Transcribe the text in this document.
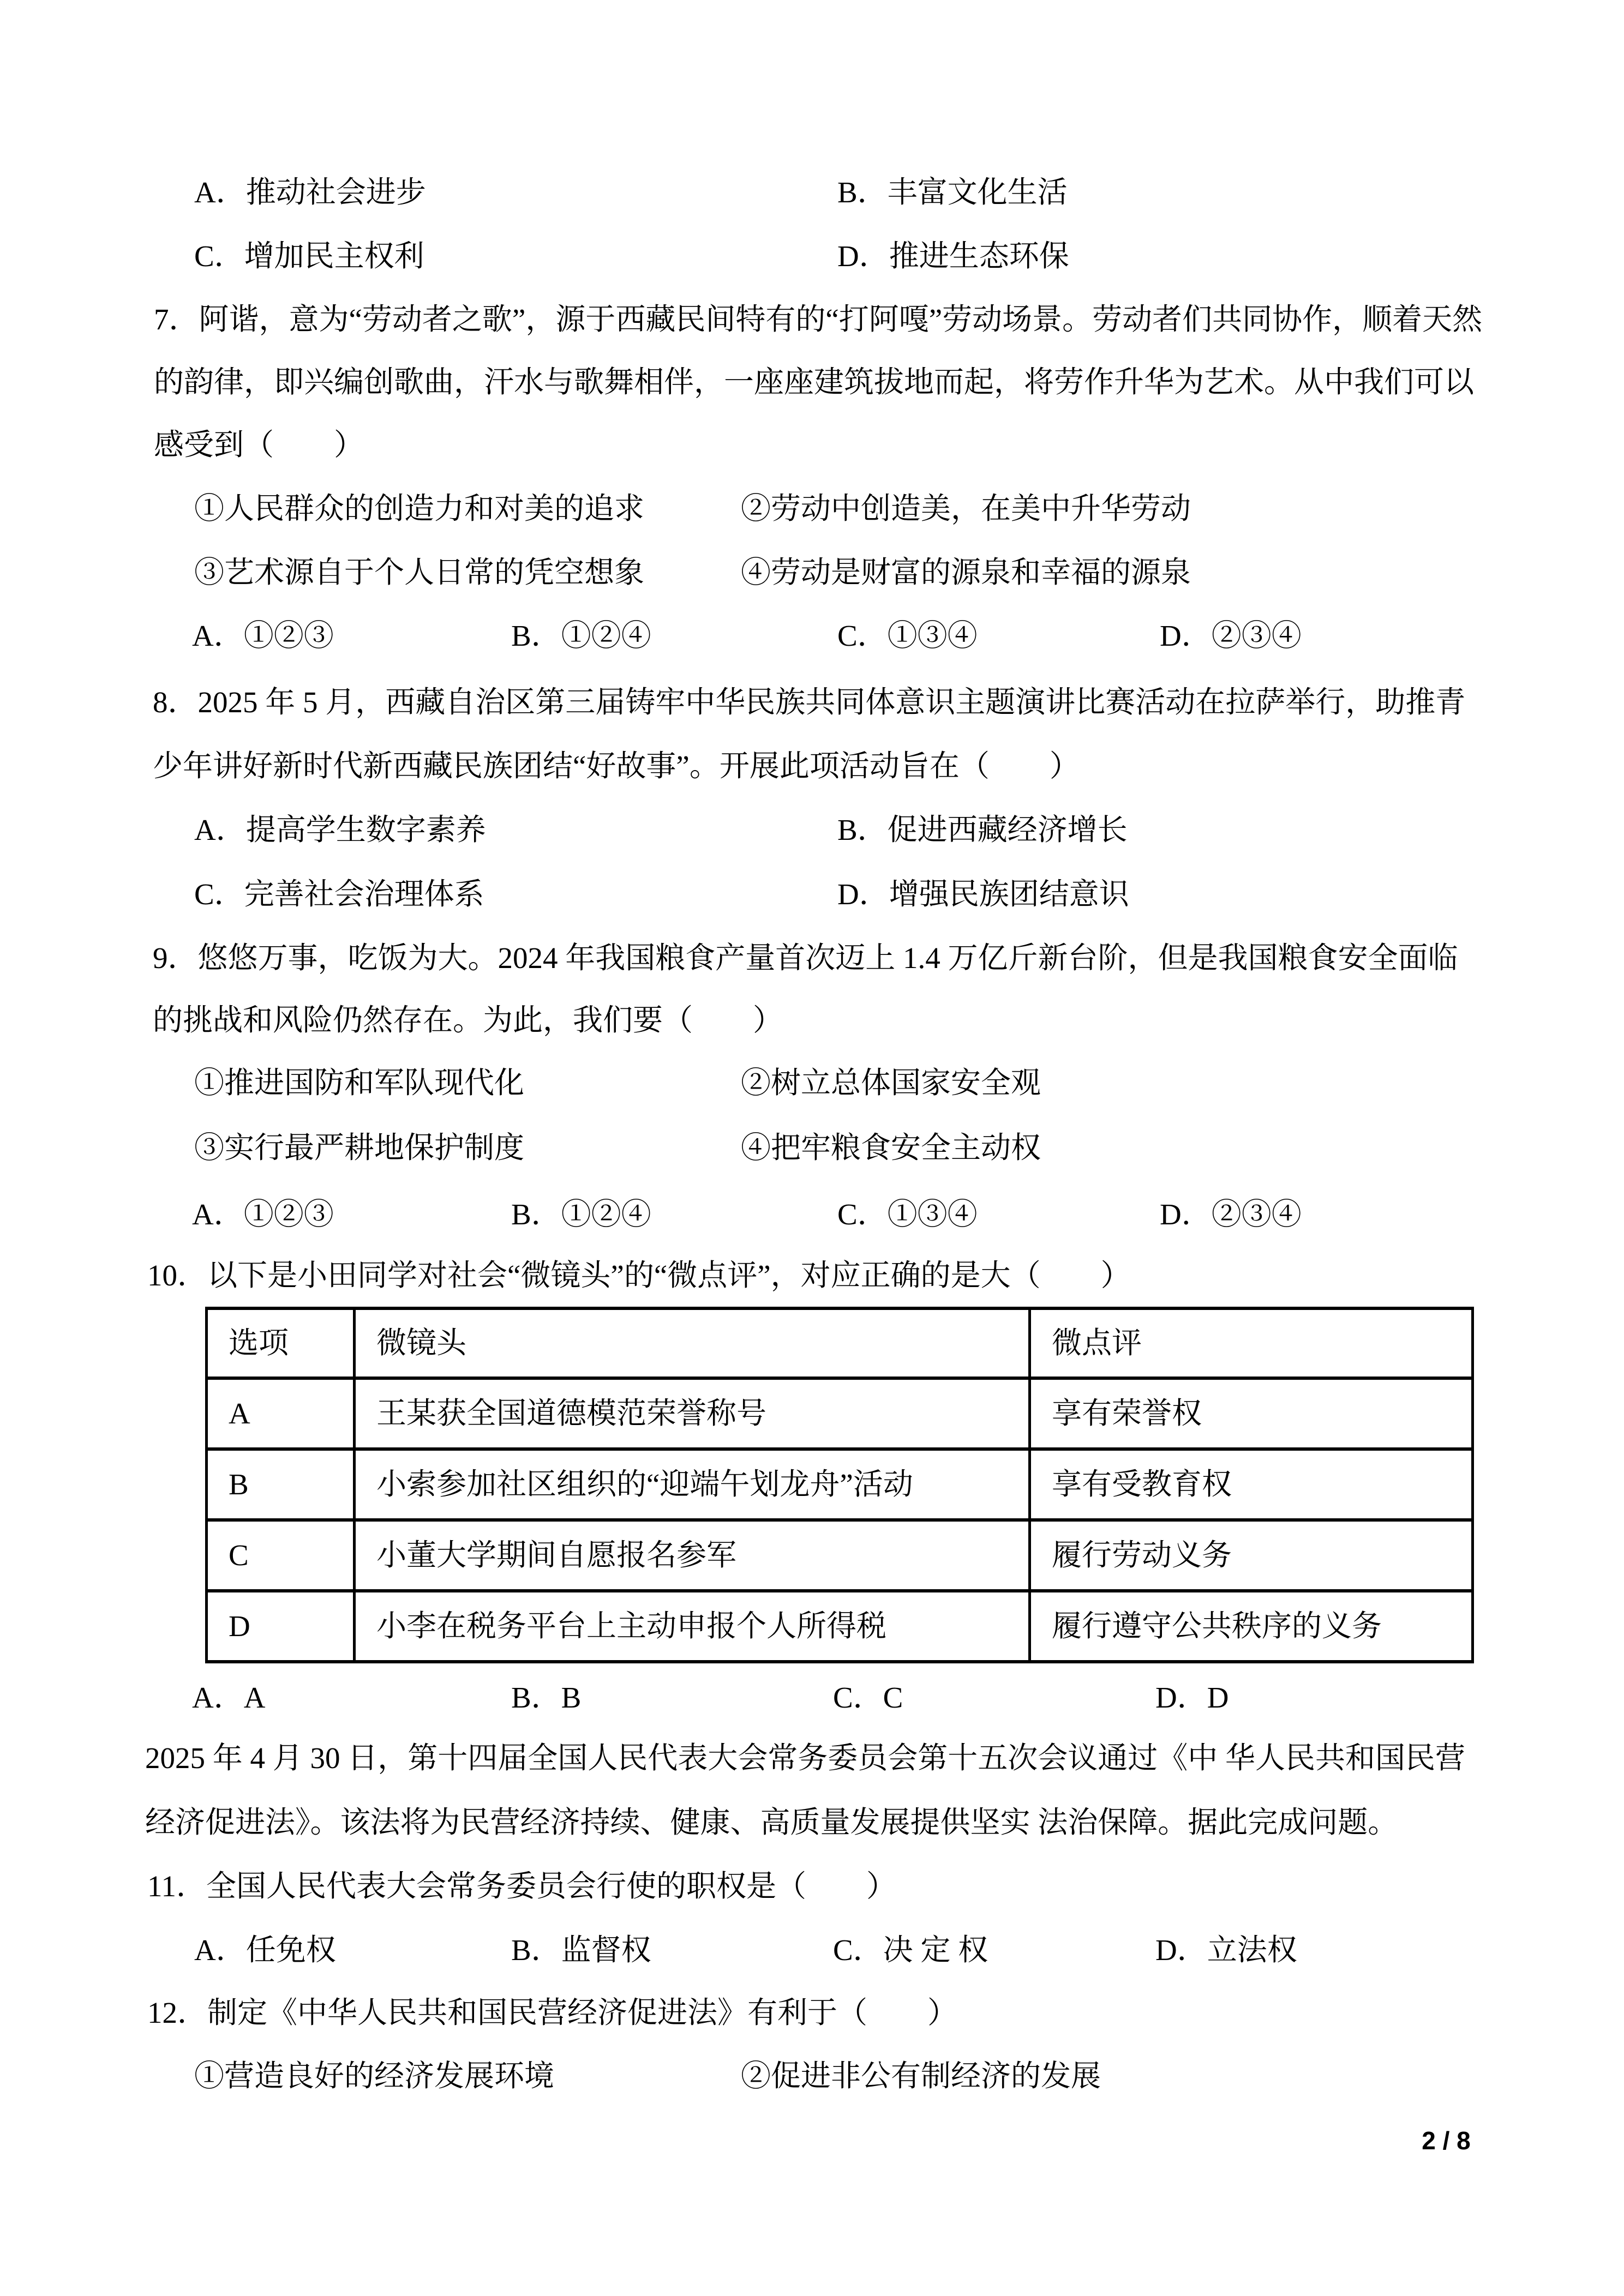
A．推动社会进步	B．丰富文化生活
C．增加民主权利	D．推进生态环保
7．阿谐，意为“劳动者之歌”，源于西藏民间特有的“打阿嘎”劳动场景。劳动者们共同协作，顺着天然
的韵律，即兴编创歌曲，汗水与歌舞相伴，一座座建筑拔地而起，将劳作升华为艺术。从中我们可以
感受到（　　）
①人民群众的创造力和对美的追求	②劳动中创造美，在美中升华劳动
③艺术源自于个人日常的凭空想象	④劳动是财富的源泉和幸福的源泉
A．①②③	B．①②④	C．①③④	D．②③④
8．2025 年 5 月，西藏自治区第三届铸牢中华民族共同体意识主题演讲比赛活动在拉萨举行，助推青
少年讲好新时代新西藏民族团结“好故事”。开展此项活动旨在（　　）
A．提高学生数字素养	B．促进西藏经济增长
C．完善社会治理体系	D．增强民族团结意识
9．悠悠万事，吃饭为大。2024 年我国粮食产量首次迈上 1.4 万亿斤新台阶，但是我国粮食安全面临
的挑战和风险仍然存在。为此，我们要（　　）
①推进国防和军队现代化	②树立总体国家安全观
③实行最严耕地保护制度	④把牢粮食安全主动权
A．①②③	B．①②④	C．①③④	D．②③④
10．以下是小田同学对社会“微镜头”的“微点评”，对应正确的是大（　　）
选项	微镜头	微点评
A	王某获全国道德模范荣誉称号	享有荣誉权
B	小索参加社区组织的“迎端午划龙舟”活动	享有受教育权
C	小董大学期间自愿报名参军	履行劳动义务
D	小李在税务平台上主动申报个人所得税	履行遵守公共秩序的义务
A．A	B．B	C．C	D．D
2025 年 4 月 30 日，第十四届全国人民代表大会常务委员会第十五次会议通过《中 华人民共和国民营
经济促进法》。该法将为民营经济持续、健康、高质量发展提供坚实 法治保障。据此完成问题。
11．全国人民代表大会常务委员会行使的职权是（　　）
A．任免权	B．监督权	C．决 定 权	D．立法权
12．制定《中华人民共和国民营经济促进法》有利于（　　）
①营造良好的经济发展环境	②促进非公有制经济的发展
2 / 8
